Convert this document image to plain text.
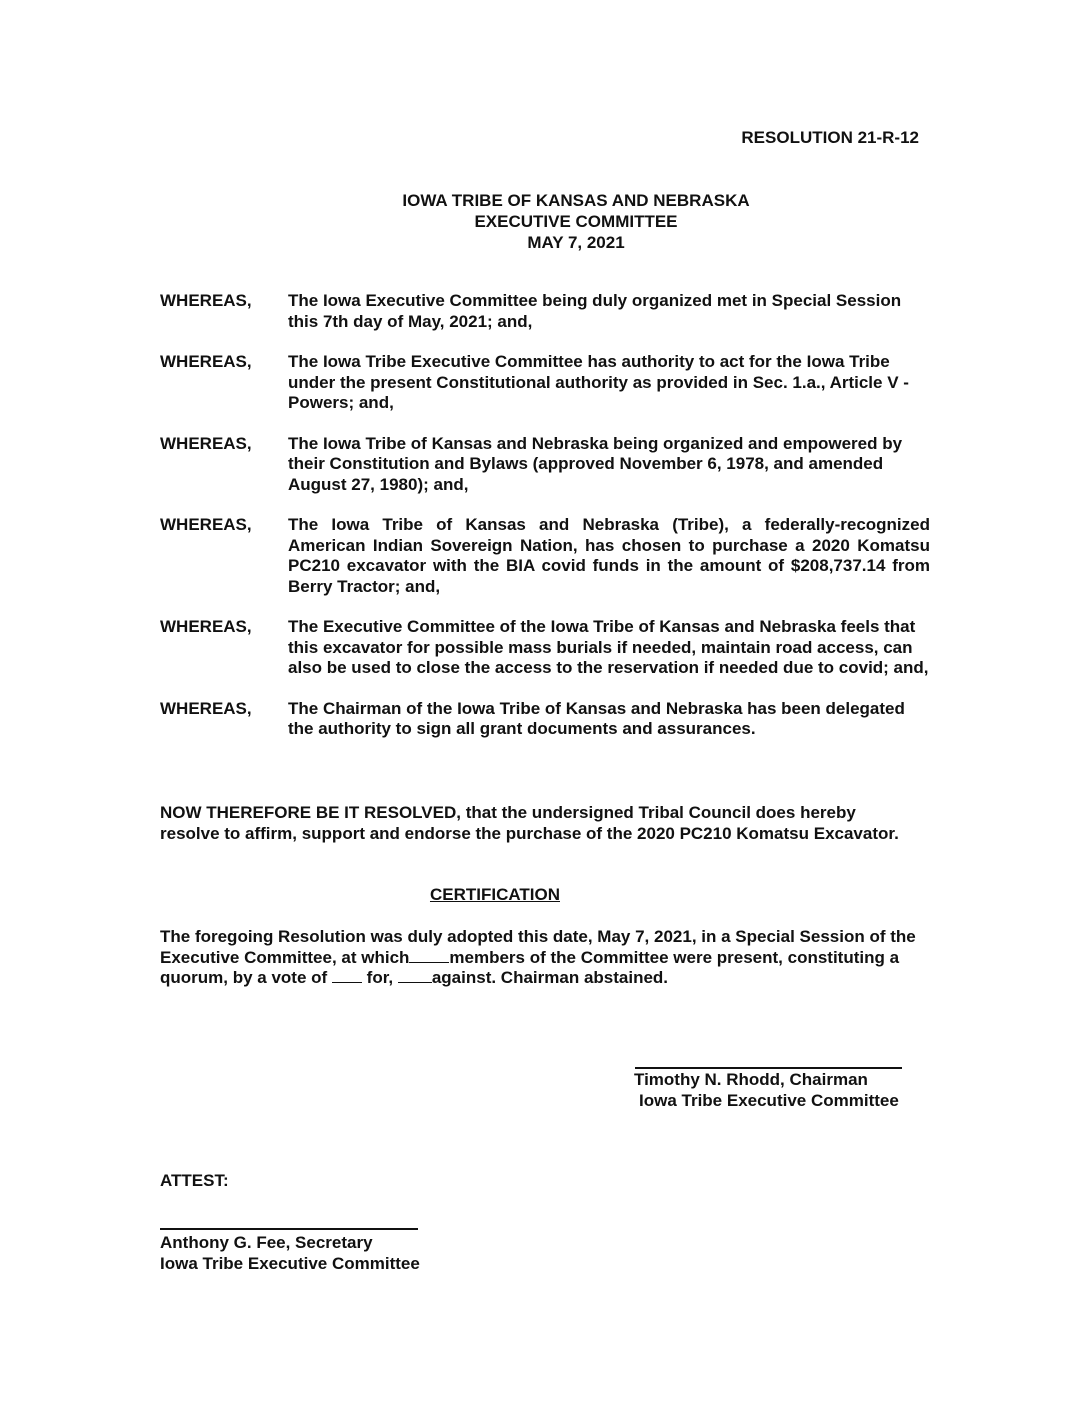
RESOLUTION 21-R-12
IOWA TRIBE OF KANSAS AND NEBRASKA
EXECUTIVE COMMITTEE
MAY 7, 2021
WHEREAS, The Iowa Executive Committee being duly organized met in Special Session this 7th day of May, 2021; and,
WHEREAS, The Iowa Tribe Executive Committee has authority to act for the Iowa Tribe under the present Constitutional authority as provided in Sec. 1.a., Article V - Powers; and,
WHEREAS, The Iowa Tribe of Kansas and Nebraska being organized and empowered by their Constitution and Bylaws (approved November 6, 1978, and amended August 27, 1980); and,
WHEREAS, The Iowa Tribe of Kansas and Nebraska (Tribe), a federally-recognized American Indian Sovereign Nation, has chosen to purchase a 2020 Komatsu PC210 excavator with the BIA covid funds in the amount of $208,737.14 from Berry Tractor; and,
WHEREAS, The Executive Committee of the Iowa Tribe of Kansas and Nebraska feels that this excavator for possible mass burials if needed, maintain road access, can also be used to close the access to the reservation if needed due to covid; and,
WHEREAS, The Chairman of the Iowa Tribe of Kansas and Nebraska has been delegated the authority to sign all grant documents and assurances.
NOW THEREFORE BE IT RESOLVED, that the undersigned Tribal Council does hereby resolve to affirm, support and endorse the purchase of the 2020 PC210 Komatsu Excavator.
CERTIFICATION
The foregoing Resolution was duly adopted this date, May 7, 2021, in a Special Session of the Executive Committee, at which members of the Committee were present, constituting a quorum, by a vote of for, against. Chairman abstained.
Timothy N. Rhodd, Chairman
Iowa Tribe Executive Committee
ATTEST:
Anthony G. Fee, Secretary
Iowa Tribe Executive Committee
